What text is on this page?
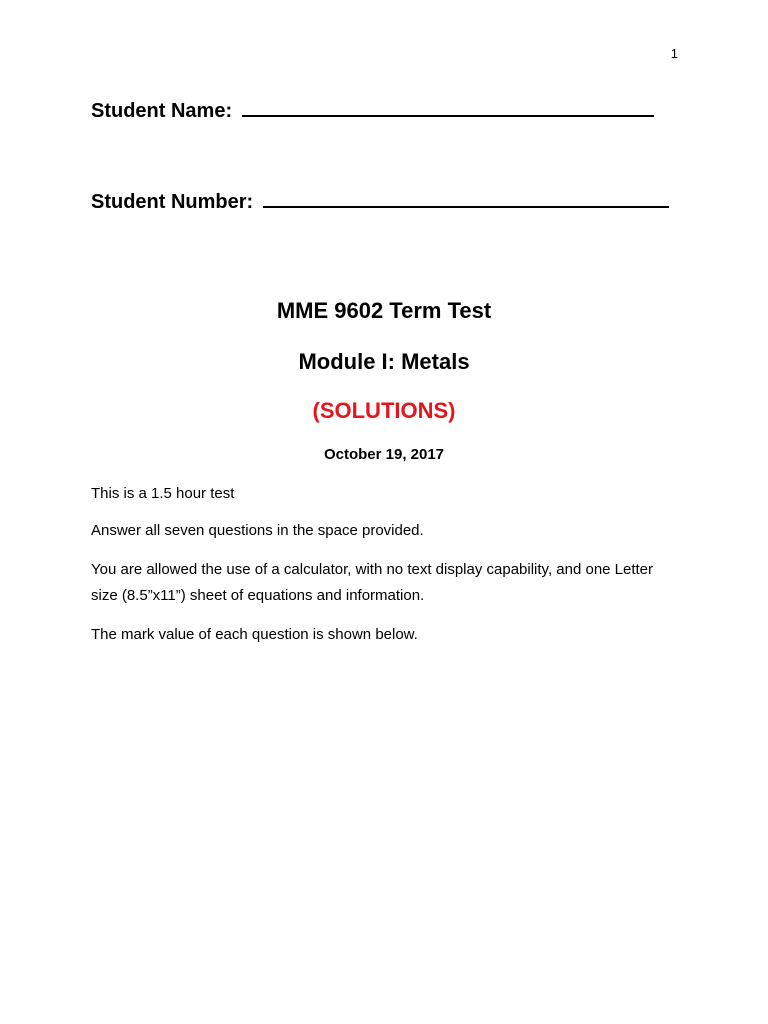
1
Student Name:
Student Number:
MME 9602 Term Test
Module I: Metals
(SOLUTIONS)
October 19, 2017
This is a 1.5 hour test
Answer all seven questions in the space provided.
You are allowed the use of a calculator, with no text display capability, and one Letter size (8.5”x11”) sheet of equations and information.
The mark value of each question is shown below.
